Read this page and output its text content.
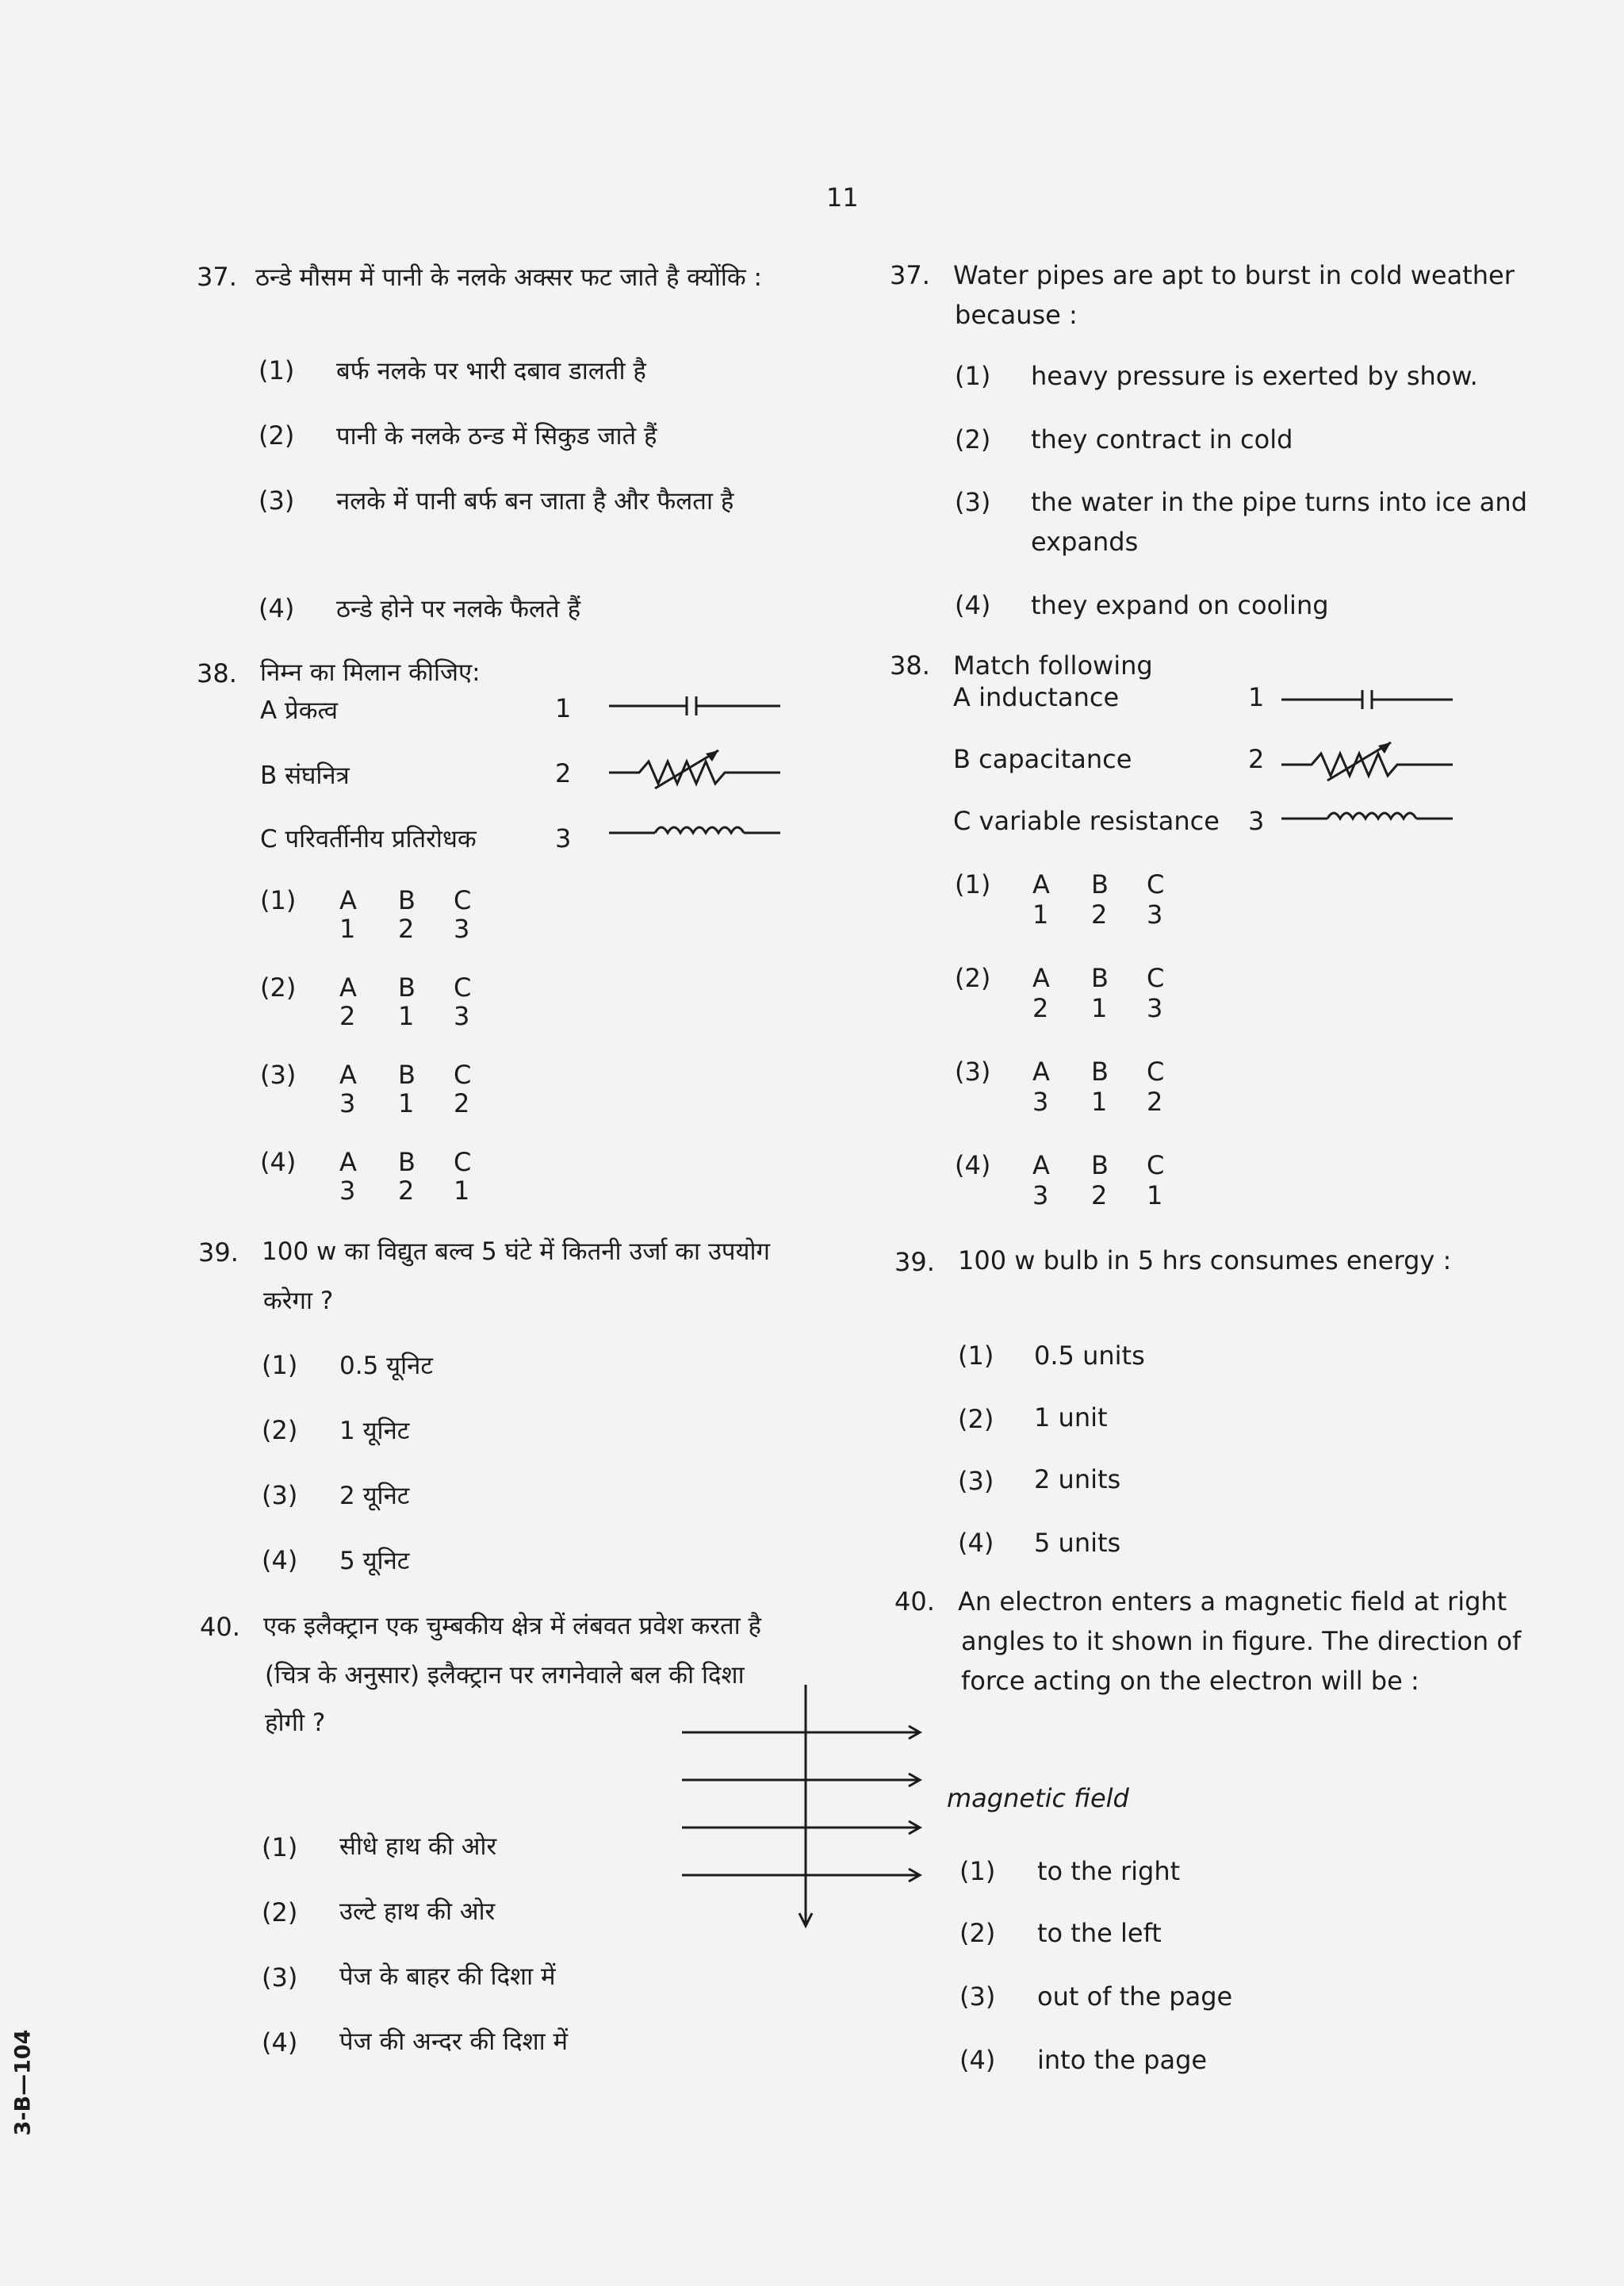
11
3-B—104
37. ठन्डे मौसम में पानी के नलके अक्सर फट जाते है क्योंकि :
(1) बर्फ नलके पर भारी दबाव डालती है
(2) पानी के नलके ठन्ड में सिकुड जाते हैं
(3) नलके में पानी बर्फ बन जाता है और फैलता है
(4) ठन्डे होने पर नलके फैलते हैं
37. Water pipes are apt to burst in cold weather
because :
(1) heavy pressure is exerted by show.
(2) they contract in cold
(3) the water in the pipe turns into ice and
expands
(4) they expand on cooling
38. निम्न का मिलान कीजिए:
A प्रेकत्व	1
B संघनित्र	2
C परिवर्तीनीय प्रतिरोधक	3
(1) A B C
1 2 3
(2) A B C
2 1 3
(3) A B C
3 1 2
(4) A B C
3 2 1
38. Match following
A inductance	1
B capacitance	2
C variable resistance 3
(1) A B C
1 2 3
(2) A B C
2 1 3
(3) A B C
3 1 2
(4) A B C
3 2 1
39. 100 w का विद्युत बल्व 5 घंटे में कितनी उर्जा का उपयोग
करेगा ?
(1) 0.5 यूनिट
(2) 1 यूनिट
(3) 2 यूनिट
(4) 5 यूनिट
39. 100 w bulb in 5 hrs consumes energy :
(1) 0.5 units
(2) 1 unit
(3) 2 units
(4) 5 units
40. एक इलैक्ट्रान एक चुम्बकीय क्षेत्र में लंबवत प्रवेश करता है
(चित्र के अनुसार) इलैक्ट्रान पर लगनेवाले बल की दिशा
होगी ?
(1) सीधे हाथ की ओर
(2) उल्टे हाथ की ओर
(3) पेज के बाहर की दिशा में
(4) पेज की अन्दर की दिशा में
40. An electron enters a magnetic field at right
angles to it shown in figure. The direction of
force acting on the electron will be :
magnetic field
(1) to the right
(2) to the left
(3) out of the page
(4) into the page
